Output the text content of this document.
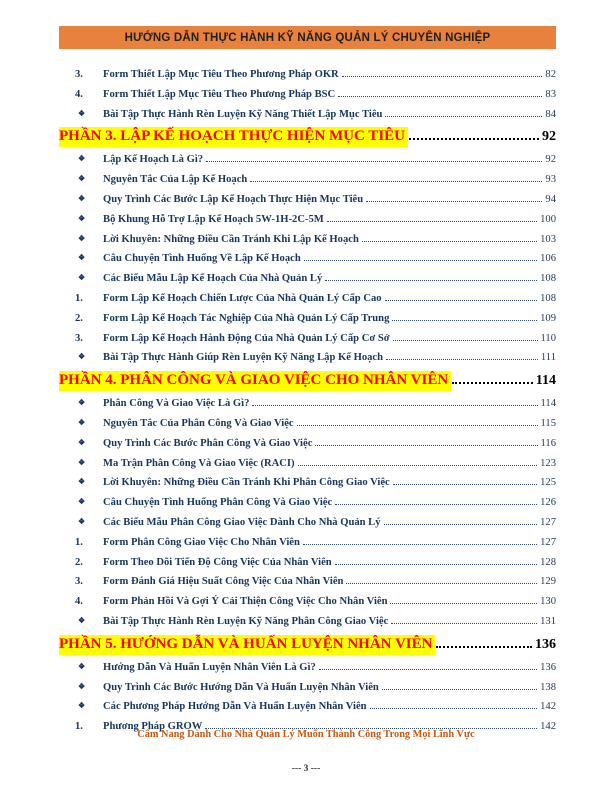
HƯỚNG DẪN THỰC HÀNH KỸ NĂNG QUẢN LÝ CHUYÊN NGHIỆP
3.	Form Thiết Lập Mục Tiêu Theo Phương Pháp OKR	82
4.	Form Thiết Lập Mục Tiêu Theo Phương Pháp BSC	83
❖	Bài Tập Thực Hành Rèn Luyện Kỹ Năng Thiết Lập Mục Tiêu	84
PHẦN 3. LẬP KẾ HOẠCH THỰC HIỆN MỤC TIÊU	92
❖	Lập Kế Hoạch Là Gì?	92
❖	Nguyên Tắc Của Lập Kế Hoạch	93
❖	Quy Trình Các Bước Lập Kế Hoạch Thực Hiện Mục Tiêu	94
❖	Bộ Khung Hỗ Trợ Lập Kế Hoạch 5W-1H-2C-5M	100
❖	Lời Khuyên: Những Điều Cần Tránh Khi Lập Kế Hoạch	103
❖	Câu Chuyện Tình Huống Về Lập Kế Hoạch	106
❖	Các Biểu Mẫu Lập Kế Hoạch Của Nhà Quản Lý	108
1.	Form Lập Kế Hoạch Chiến Lược Của Nhà Quản Lý Cấp Cao	108
2.	Form Lập Kế Hoạch Tác Nghiệp Của Nhà Quản Lý Cấp Trung	109
3.	Form Lập Kế Hoạch Hành Động Của Nhà Quản Lý Cấp Cơ Sở	110
❖	Bài Tập Thực Hành Giúp Rèn Luyện Kỹ Năng Lập Kế Hoạch	111
PHẦN 4. PHÂN CÔNG VÀ GIAO VIỆC CHO NHÂN VIÊN	114
❖	Phân Công Và Giao Việc Là Gì?	114
❖	Nguyên Tắc Của Phân Công Và Giao Việc	115
❖	Quy Trình Các Bước Phân Công Và Giao Việc	116
❖	Ma Trận Phân Công Và Giao Việc (RACI)	123
❖	Lời Khuyên: Những Điều Cần Tránh Khi Phân Công Giao Việc	125
❖	Câu Chuyện Tình Huống Phân Công Và Giao Việc	126
❖	Các Biểu Mẫu Phân Công Giao Việc Dành Cho Nhà Quản Lý	127
1.	Form Phân Công Giao Việc Cho Nhân Viên	127
2.	Form Theo Dõi Tiến Độ Công Việc Của Nhân Viên	128
3.	Form Đánh Giá Hiệu Suất Công Việc Của Nhân Viên	129
4.	Form Phản Hồi Và Gợi Ý Cải Thiện Công Việc Cho Nhân Viên	130
❖	Bài Tập Thực Hành Rèn Luyện Kỹ Năng Phân Công Giao Việc	131
PHẦN 5. HƯỚNG DẪN VÀ HUẤN LUYỆN NHÂN VIÊN	136
❖	Hướng Dẫn Và Huấn Luyện Nhân Viên Là Gì?	136
❖	Quy Trình Các Bước Hướng Dẫn Và Huấn Luyện Nhân Viên	138
❖	Các Phương Pháp Hướng Dẫn Và Huấn Luyện Nhân Viên	142
1.	Phương Pháp GROW	142
Cẩm Nang Dành Cho Nhà Quản Lý Muốn Thành Công Trong Mọi Lĩnh Vực
--- 3 ---
